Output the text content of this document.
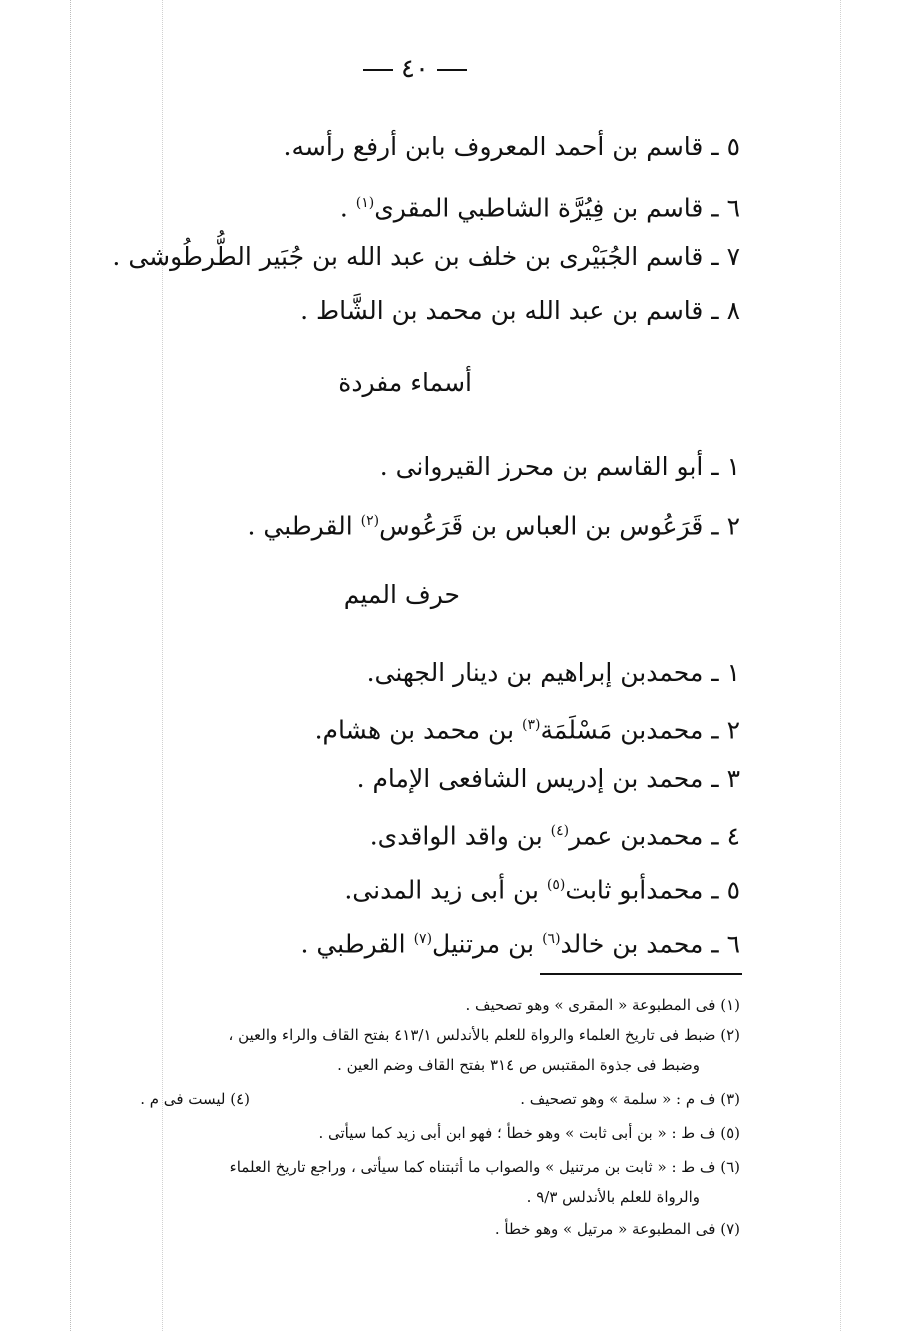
٤٠
٥ ـ قاسم بن أحمد المعروف بابن أرفع رأسه.
٦ ـ قاسم بن فِيُرَّة الشاطبي المقرى$^{(١)}$ .
٧ ـ قاسم الجُبَيْرى بن خلف بن عبد الله بن جُبَير الطُّرطُوشى .
٨ ـ قاسم بن عبد الله بن محمد بن الشَّاط .
أسماء مفردة
١ ـ أبو القاسم بن محرز القيروانى .
٢ ـ قَرَعُوس بن العباس بن قَرَعُوس$^{(٢)}$ القرطبي .
حرف الميم
١ ـ محمدبن إبراهيم بن دينار الجهنى.
٢ ـ محمدبن مَسْلَمَة$^{(٣)}$ بن محمد بن هشام.
٣ ـ محمد بن إدريس الشافعى الإمام .
٤ ـ محمدبن عمر$^{(٤)}$ بن واقد الواقدى.
٥ ـ محمدأبو ثابت$^{(٥)}$ بن أبى زيد المدنى.
٦ ـ محمد بن خالد$^{(٦)}$ بن مرتنيل$^{(٧)}$ القرطبي .
(١) فى المطبوعة « المقرى » وهو تصحيف .
(٢) ضبط فى تاريخ العلماء والرواة للعلم بالأندلس ٤١٣/١ بفتح القاف والراء والعين ،
وضبط فى جذوة المقتبس ص ٣١٤ بفتح القاف وضم العين .
(٣) ف م : « سلمة » وهو تصحيف .
(٤) ليست فى م .
(٥) ف ط : « بن أبى ثابت » وهو خطأ ؛ فهو ابن أبى زيد كما سيأتى .
(٦) ف ط : « ثابت بن مرتنيل » والصواب ما أثبتناه كما سيأتى ، وراجع تاريخ العلماء
والرواة للعلم بالأندلس ٩/٣ .
(٧) فى المطبوعة « مرتيل » وهو خطأ .
